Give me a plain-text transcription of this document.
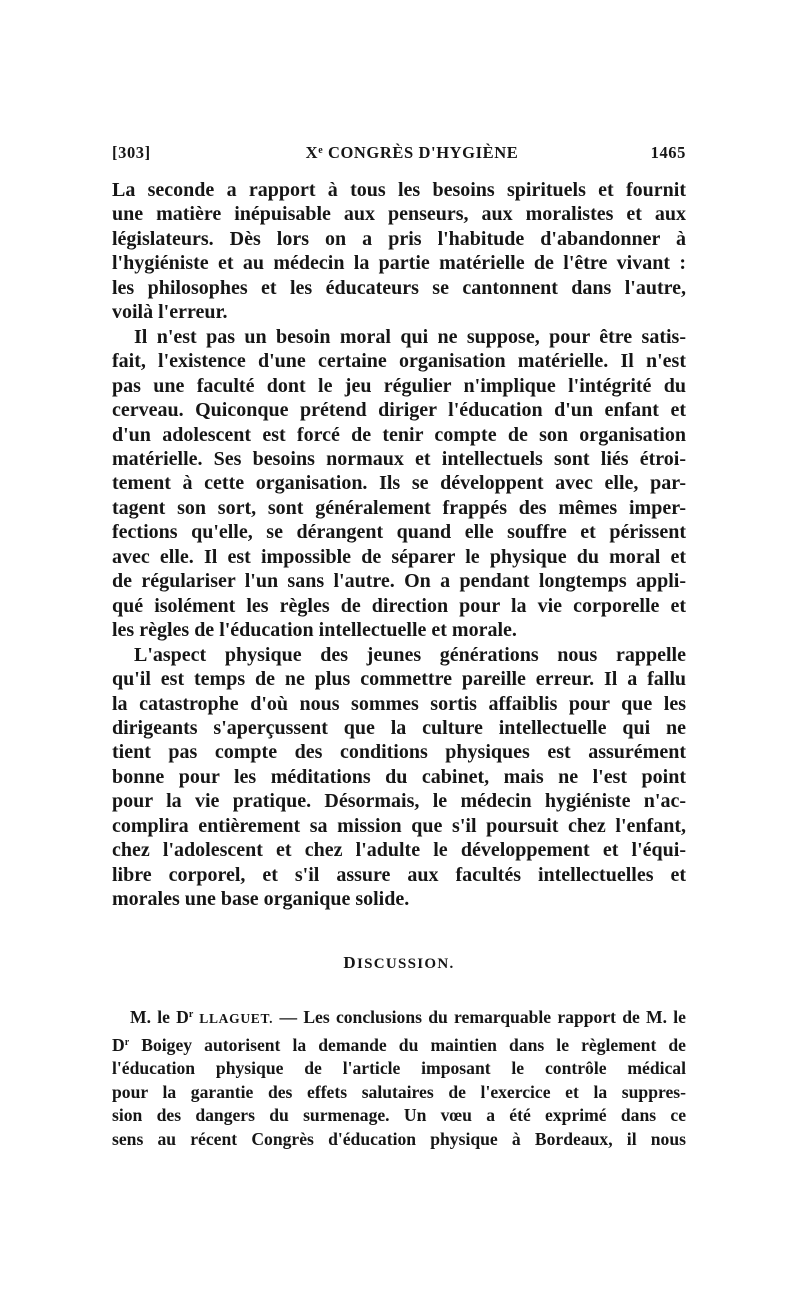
[303]	Xe CONGRÈS D'HYGIÈNE	1465
La seconde a rapport à tous les besoins spirituels et fournit
une matière inépuisable aux penseurs, aux moralistes et aux
législateurs. Dès lors on a pris l'habitude d'abandonner à
l'hygiéniste et au médecin la partie matérielle de l'être vivant :
les philosophes et les éducateurs se cantonnent dans l'autre,
voilà l'erreur.
Il n'est pas un besoin moral qui ne suppose, pour être satis-
fait, l'existence d'une certaine organisation matérielle. Il n'est
pas une faculté dont le jeu régulier n'implique l'intégrité du
cerveau. Quiconque prétend diriger l'éducation d'un enfant et
d'un adolescent est forcé de tenir compte de son organisation
matérielle. Ses besoins normaux et intellectuels sont liés étroi-
tement à cette organisation. Ils se développent avec elle, par-
tagent son sort, sont généralement frappés des mêmes imper-
fections qu'elle, se dérangent quand elle souffre et périssent
avec elle. Il est impossible de séparer le physique du moral et
de régulariser l'un sans l'autre. On a pendant longtemps appli-
qué isolément les règles de direction pour la vie corporelle et
les règles de l'éducation intellectuelle et morale.
L'aspect physique des jeunes générations nous rappelle
qu'il est temps de ne plus commettre pareille erreur. Il a fallu
la catastrophe d'où nous sommes sortis affaiblis pour que les
dirigeants s'aperçussent que la culture intellectuelle qui ne
tient pas compte des conditions physiques est assurément
bonne pour les méditations du cabinet, mais ne l'est point
pour la vie pratique. Désormais, le médecin hygiéniste n'ac-
complira entièrement sa mission que s'il poursuit chez l'enfant,
chez l'adolescent et chez l'adulte le développement et l'équi-
libre corporel, et s'il assure aux facultés intellectuelles et
morales une base organique solide.
DISCUSSION.
M. le $D^r$ LLAGUET. — Les conclusions du remarquable rapport de M. le
$D^r$ Boigey autorisent la demande du maintien dans le règlement de
l'éducation physique de l'article imposant le contrôle médical
pour la garantie des effets salutaires de l'exercice et la suppres-
sion des dangers du surmenage. Un vœu a été exprimé dans ce
sens au récent Congrès d'éducation physique à Bordeaux, il nous
